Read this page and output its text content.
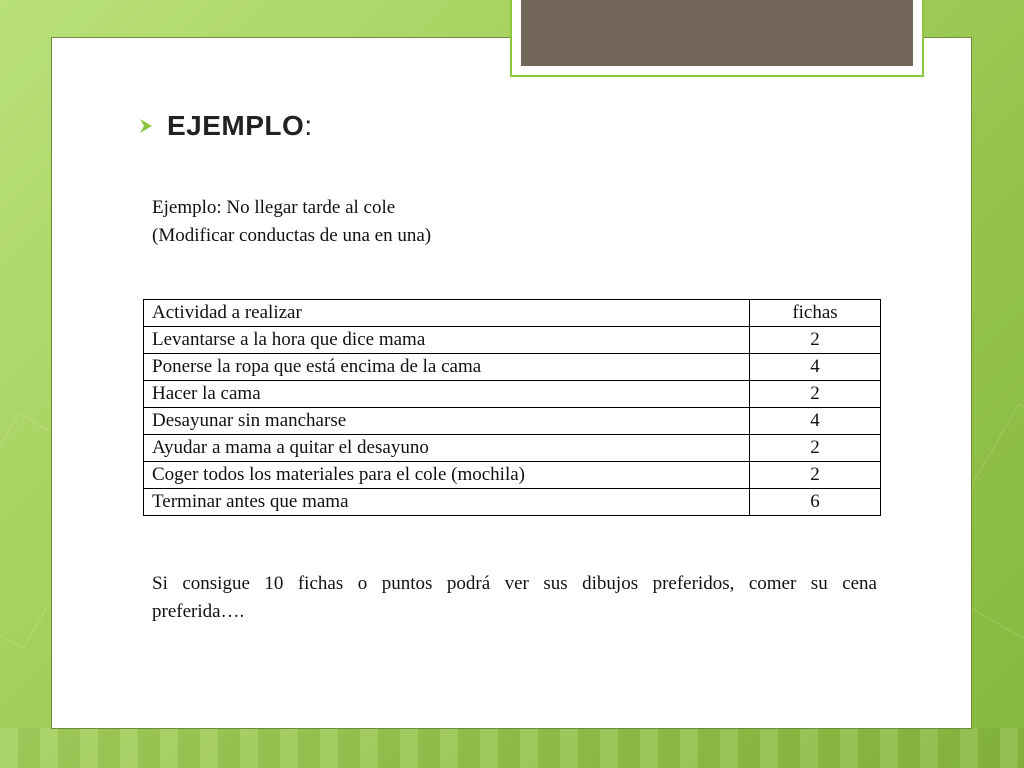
EJEMPLO:
Ejemplo: No llegar tarde al cole
(Modificar conductas de una en una)
Actividad a realizar	fichas
Levantarse a la hora que dice mama	2
Ponerse la ropa que está encima de la cama	4
Hacer la cama	2
Desayunar sin mancharse	4
Ayudar a mama a quitar el desayuno	2
Coger todos los materiales para el cole (mochila)	2
Terminar antes que mama	6
Si consigue 10 fichas o puntos podrá ver sus dibujos preferidos, comer su cena preferida….
